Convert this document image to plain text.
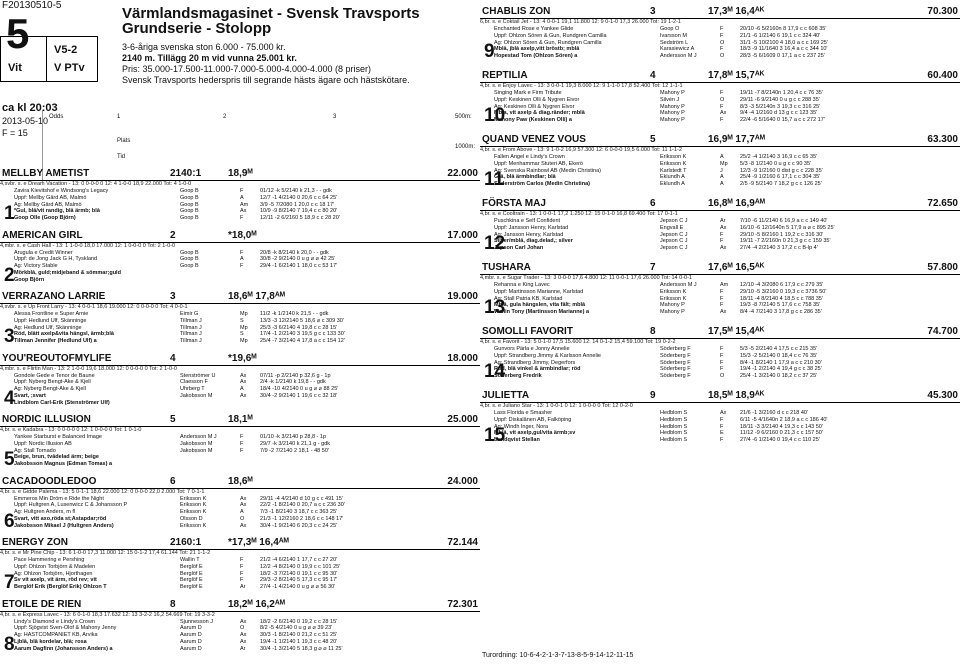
F20130510-5
5
Vit
V5-2
V PTv
Värmlandsmagasinet - Svensk Travsports
Grundserie - Stolopp
3-6-åriga svenska ston 6.000 - 75.000 kr.
2140 m. Tillägg 20 m vid vunna 25.001 kr.
Pris: 35.000-17.500-11.000-7.000-5.000-4.000-4.000 (8 priser)
Svensk Travsports hederspris till segrande hästs ägare och hästskötare.
ca kl 20:03
2013-05-10
F = 15
Odds	1	2	3	500m:
Plats
1000m:
Tid
MELLBY AMETIST	2140:1	18,9ᴹ	22.000
4,svbr. s. e Dream Vacation - 13: 0 0-0-0 0 12: 4 1-0-0 18,9 22.000 Tot: 4 1-0-0
1
Zavira Kievitshof e Windsong's Legacy	Goop B	F	01/12 -k 5/2140 k 21,3 - - gdk
Uppf: Mellby Gård AB, Malmö	Goop B	Å	12/7 -1 4/2140 0 20,6 c c 64 25'
Äg: Mellby Gård AB, Malmö	Goop B	Åm 3/9 -5 7/2080 1 20,0 c c 18 17'
*Gul, blå/vit randig, blå ärmb; blå	Goop B	Ax 10/9 -9 8/2140 7 19,4 c c 80 20'
Goop Olle (Goop Björn)	Goop B	F	12/11 -2 6/2160 5 18,9 c c 28 20'
AMERICAN GIRL	2	*18,0ᴹ	17.000
4,mbr. s. e Cash Hall - 13: 1 1-0-0 18,0 17.000 12: 1 0-0-0 0 Tot: 2 1-0-0
2
Arugula e Credit Winner	Goop B	F	20/8 -k 8/2140 k 20,0 - - gdk
Uppf: de Jong Jack G H, Tyskland	Goop B	Å	30/8 -2 9/2140 0 u g ⌀ ⌀ 42 25'
Äg: Victory Stable	Goop B	F	29/4 -1 6/2140 1 18,0 c c 53 17'
Mörkblå, guld;midjeband & sömmar;guld
Goop Björn
VERRAZANO LARRIE	3	18,6ᴹ 17,8ᴬᴹ	19.000
4,svbr. s. e Up Front Larry - 13: 4 0-0-1 18,6 19.000 12: 0 0-0-0 0 Tot: 4 0-0-1
3
Alessa Frontline e Super Arnie	Eimir G	Mp 11/2 -k 1/2140 k 21,5 - - gdk
Uppf: Hedlund Ulf, Skänninge	Tillman J	S	13/3 -3 12/2140 5 18,6 ⌀ c 309 30'
Äg: Hedlund Ulf, Skänninge	Tillman J	Mp 25/3 -3 6/2140 4 19,8 c c 28 15'
Röd, blått axelp&vita hängsl, ärmb;blå	Tillman J	S	17/4 -1 2/2140 3 19,5 g c c 133 30'
Tillman Jennifer (Hedlund Ulf) a	Tillman J	Mp 25/4 -7 3/2140 4 17,8 a c c 154 12'
YOU'REOUTOFMYLIFE	4	*19,6ᴹ	18.000
4,mbr. s. e Flirtin Man - 13: 2 1-0-0 19,6 18.000 12: 0 0-0-0 0 Tot: 2 1-0-0
4
Gondole Gede e Tenor de Baune	Stenströmer U	Ax 07/11 -p 2/2140 p 32,6 g - 1p
Uppf: Nyberg Bengt-Åke & Kjell	Claesson F	Ax 2/4 -k 1/2140 k 19,8 - - gdk
Äg: Nyberg Bengt-Åke & Kjell	Uhrberg T	Å	18/4 -10 4/2140 0 u g ⌀ ⌀ 88 25'
Svart, ;svart	Jakobsson M	Ax 30/4 -2 9/2140 1 19,6 c c 32 18'
Lindblom Carl-Erik (Stenströmer Ulf)
NORDIC ILLUSION	5	18,1ᴹ	25.000
4,br. s. e Kadabra - 13: 0 0-0-0 0 12: 1 0-0-0 0 Tot: 1 0-1-0
5
Yankee Starburst e Balanced Image	Andersson M J	F	01/10 -k 3/2140 p 28,8 - 1p
Uppf: Nordic Illusion AB	Jakobsson M	F	29/7 -k 3/2140 k 21,1 g - gdk
Äg: Stall Tornado	Jakobsson M	F	7/9 -2 7/2140 2 18,1 - 48 50'
Beige, brun, tvådelad ärm; beige
Jakobsson Magnus (Edman Tomas) a
CACADOODLEDOO	6	18,6ᴹ	24.000
4,br. s. e Gidde Palema - 13: 5 0-1-1 18,6 22.000 12: 0 0-0-0 22,0 2.000 Tot: 7 0-1-1
6
Emmeros Min Dröm e Ride the Night	Eriksson K	Ax 29/11 -4 4/2140 d 10 g c c 491 15'
Uppf: Hultgren A, Lusenwicz C & Johansson P	Eriksson K	Ax 22/2 -1 8/2140 0 20,7 a c c 236 30'
Äg: Hultgren Anders, m fl	Eriksson K	Å	7/3 -1 8/2140 3 18,7 c c 363 25'
Svart, vitt axo,röda st;Åstapdar;röd	Olsson D	Ö	21/3 -1 12/2160 2 18,6 c c 148 17'
Jakobsson Mikael J (Hultgren Anders)	Eriksson K	Ax 30/4 -1 9/2140 6 20,3 c c 24 25'
ENERGY ZON	2160:1	*17,3ᴹ 16,4ᴬᴹ	72.144
4,br. s. e Mr Pine Chip - 13: 6 1-0-0 17,3 11.000 12: 15 0-1-2 17,4 61.144 Tot: 21 1-1-2
7
Pace Hammering e Pershing	Wallin T	F	21/2 -4 6/2140 1 17,7 c c 27 20'
Uppf: Ohlzon Torbjörn & Madelen	Berglöf E	F	12/2 -4 8/2140 0 19,9 c c 101 25'
Äg: Ohlzon Torbjörn, Hjorthagen	Berglöf E	F	18/2 -3 7/2140 0 19,1 c c 95 30'
Sv vit axelp, vit ärm, röd rev; vit	Berglöf E	F	29/3 -2 8/2140 5 17,3 c c 95 17'
Berglöf Erik (Berglöf Erik) Ohlzon T	Berglöf E	År	27/4 -1 4/2140 0 u g ⌀ ⌀ 56 30'
ETOILE DE RIEN	8	18,2ᴹ 16,2ᴬᴹ	72.301
4,br. s. e Express Lavec - 13: 6 0-1-0 18,3 17.632 12: 13 3-2-2 16,2 54.669 Tot: 19 3-3-2
8
Lindy's Diamond e Lindy's Crown	Sjunnesson J	Ax 18/2 -2 6/2140 0 19,2 c c 28 15'
Uppf: Sjögvist Sven-Olof & Mahony Jenny	Aarum D	Ö	8/2 -5 4/2140 0 u g ⌀ ⌀ 39 23'
Äg: HASTCOMPANIET KB, Arvika	Aarum D	Ax 30/3 -1 8/2140 0 21,2 c c 51 25'
Ljblå, blå kordelar, blå; rosa	Aarum D	Ax 19/4 -1 1/2140 1 19,3 c c 48 20'
Aarum Dagfinn (Johansson Anders) a	Aarum D	År	30/4 -1 3/2140 5 18,3 g ⌀ ⌀ 11 25'
CHABLIS ZON	3	17,3ᴹ 16,4ᴬᴷ	70.300
6,br. s. e Coktail Jet - 13: 4 0-0-1 19,1 11.800 12: 9 0-1-0 17,3 26.000 Tot: 19 1-2-1
9
Enchanted Rose e Yankee Glide	Goop O	F	20/10 -6 5/2160n 8 17,9 c c 608 35'
Uppf: Ohlzon Sören & Gun, Rundgren Camilla	Ivarsson M	F	21/1 -6 1/2140 6 19,1 c c 324 40'
Äg: Ohlzon Sören & Gun, Rundgren Camilla	Sedström L	Ö	31/1 -5 10/2100 4 18,0 a c c 169 25'
Mblå, jblå axelp,vitt bröstb; mblå	Karasiewicz A	F	18/3 -9 11/1640 3 16,4 a c c 344 10'
Hopestad Tom (Ohlzon Sören) a	Andersson M J	Ö	28/3 -5 6/1609 0 17,1 a c c 237 25'
REPTILIA	4	17,8ᴹ 15,7ᴬᴷ	60.400
4,br. s. e Enjoy Lavec - 13: 3 0-0-1 19,3 8.000 12: 9 1-1-0 17,8 52.400 Tot: 12 1-1-1
10
Singing Mark e Firm Tribute	Mahony P	F	19/11 -7 8/2140n 1 20,4 c c 76 35'
Uppf: Keskinen Olli & Nygren Eivor	Silvén J	Ö	29/11 -6 9/2140 0 u g c c 288 35'
Äg: Keskinen Olli & Nygren Eivor	Mahony P	F	8/3 -3 5/2140n 3 19,3 c c 316 25'
Mbla, vit axelp & diag.ränder; mblå	Mahony P	Ax 9/4 -4 1/2160 d 13 g c c 123 35'
Mahony Paw (Keskinen Olli) a	Mahony P	F	22/4 -6 5/1640 0 15,7 a c c 272 17'
QUAND VENEZ VOUS	5	16,9ᴹ 17,7ᴬᴹ	63.300
4,br. s. e From Above - 13: 9 1-0-2 16,9 57.300 12: 6 0-0-0 19,5 6.000 Tot: 11 1-1-2
11
Fallen Angel e Lindy's Crown	Eriksson K	Å	25/2 -4 1/2140 3 16,9 c c 65 35'
Uppf: Menhammar Stuteri AB, Ekerö	Eriksson K	Mp 5/3 -8 1/2140 0 u g c c 90 35'
Äg: Svenska Rainbowl AB (Medin Christina)	Karlstedt T	J	12/3 -9 1/2160 0 dist g c c 228 35'
Grå, blå ärmbindlar; blå	Eklundh A	Å	25/4 -9 1/2160 6 17,1 c c 304 35'
Söderström Carlos (Medin Christina)	Eklundh A	Å	2/5 -9 5/2140 7 18,2 g c c 126 25'
FÖRSTA MAJ	6	16,8ᴹ 16,9ᴬᴹ	72.650
4,br. s. e Cooltrain - 13: 1 0-0-1 17,2 1.250 12: 15 0-1-0 16,8 69.400 Tot: 17 0-1-1
12
Puschkina e Self Confident	Jepson C J	År	7/10 -6 11/2140 6 16,9 a c c 149 40'
Uppf: Jansson Henry, Karlstad	Engvall E	Ax 16/10 -6 12/1640n 5 17,9 a ⌀ c 895 25'
Äg: Jansson Henry, Karlstad	Jepson C J	F	29/10 -5 8/2160 1 19,2 c c 316 30'
Silver/mblå, diag.delad,; silver	Jepson C J	F	19/11 -7 2/2160n 0 21,3 g c c 159 35'
Jepson Carl Johan	Jepson C J	Ax 27/4 -4 2/2140 3 17,2 c c B-lp 4'
TUSHARA	7	17,6ᴹ 16,5ᴬᴷ	57.800
4,mbr. s. e Sugar Trader - 13: 3 0-0-0 17,6 4.800 12: 11 0-0-1 17,6 26.000 Tot: 14 0-0-1
13
Rehanna e King Lavec	Andersson M J	Åm 12/10 -4 3/2080 6 17,9 c c 279 35'
Uppf: Martinsson Marianne, Karlstad	Eriksson K	F	29/10 -5 3/2160 0 19,3 c c 3736 50'
Äg: Stall Patria KB, Karlstad	Eriksson K	F	18/11 -4 8/2140 4 18,5 c c 788 35'
Mblå, gula hängslen, vita fält; mblå	Mahony P	F	19/3 -8 7/2140 5 17,6 c c 758 35'
Wallin Tony (Martinsson Marianne) a	Mahony P	Ax 8/4 -4 7/2140 3 17,8 g c c 286 35'
SOMOLLI FAVORIT	8	17,5ᴹ 15,4ᴬᴷ	74.700
4,br. s. e Favorit - 13: 5 0-1-0 17,5 15.600 12: 14 0-1-2 15,4 59.100 Tot: 19 0-2-2
14
Gunvors Pärla e Jonny Annelie	Söderberg F	F	5/3 -5 2/2140 4 17,5 c c 215 35'
Uppf: Strandberg Jimmy & Karlsson Annelie	Söderberg F	F	15/3 -2 5/2140 0 18,4 c c 76 35'
Äg: Strandberg Jimmy, Degerfors	Söderberg F	F	8/4 -1 8/2140 1 17,9 a c c 210 30'
Röd, blå vinkel & ärmbindlar; röd	Söderberg F	F	19/4 -1 2/2140 4 19,4 g c c 38 25'
Söderberg Fredrik	Söderberg F	Ö	25/4 -1 3/2140 0 18,2 c c 37 25'
JULIETTA	9	18,5ᴹ 18,9ᴬᴷ	45.300
4,br. s. e Juliano Star - 13: 1 0-0-1 0 12: 1 0-0-0 0 Tot: 12 0-2-0
15
Lass Florida e Smasher	Hedblom S	Ax 21/6 -1 3/2160 d c c 218 40'
Uppf: Diskalånen AB, Falköping	Hedblom S	F	6/11 -5 4/1640n 2 18,9 a c c 186 40'
Äg: Windh Inger, Nora	Hedblom S	F	18/11 -3 3/2140 4 19,3 c c 143 50'
Mblå, vit axelp,gul/vita ärmb;sv	Hedblom S	E	11/12 -9 6/2160 0 21,3 c c 157 50'
Lundqvist Stellan	Hedblom S	F	27/4 -6 1/2140 0 19,4 c c 110 25'
Turordning: 10-6-4-2-1-3-7-13-8-5-9-14-12-11-15
